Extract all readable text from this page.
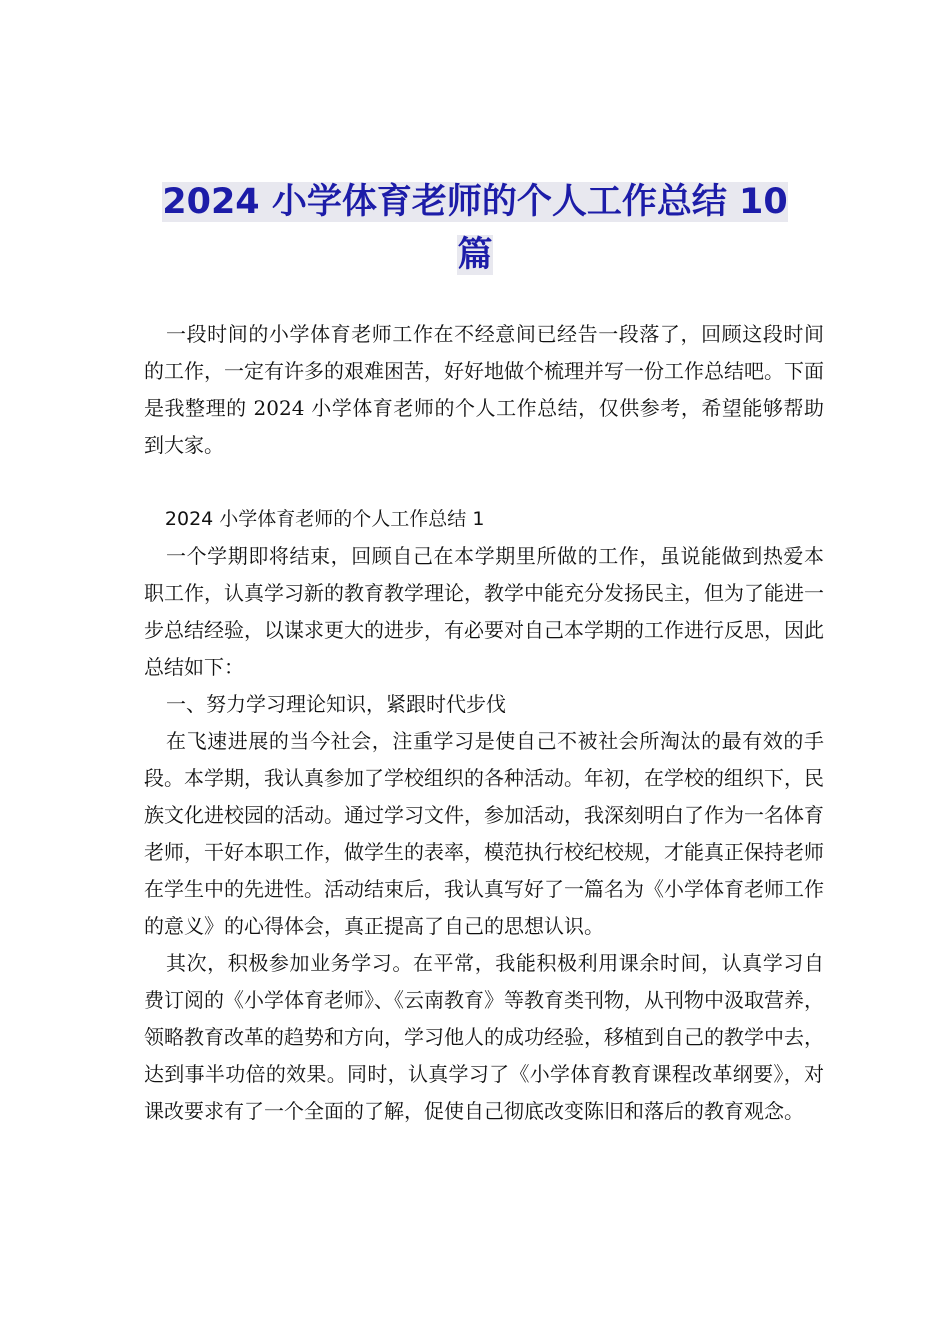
2024 小学体育老师的个人工作总结 10
篇

一段时间的小学体育老师工作在不经意间已经告一段落了，回顾这段时间的工作，一定有许多的艰难困苦，好好地做个梳理并写一份工作总结吧。下面是我整理的 2024 小学体育老师的个人工作总结，仅供参考，希望能够帮助到大家。

2024 小学体育老师的个人工作总结 1

一个学期即将结束，回顾自己在本学期里所做的工作，虽说能做到热爱本职工作，认真学习新的教育教学理论，教学中能充分发扬民主，但为了能进一步总结经验，以谋求更大的进步，有必要对自己本学期的工作进行反思，因此总结如下：

一、努力学习理论知识，紧跟时代步伐

在飞速进展的当今社会，注重学习是使自己不被社会所淘汰的最有效的手段。本学期，我认真参加了学校组织的各种活动。年初，在学校的组织下，民族文化进校园的活动。通过学习文件，参加活动，我深刻明白了作为一名体育老师，干好本职工作，做学生的表率，模范执行校纪校规，才能真正保持老师在学生中的先进性。活动结束后，我认真写好了一篇名为《小学体育老师工作的意义》的心得体会，真正提高了自己的思想认识。

其次，积极参加业务学习。在平常，我能积极利用课余时间，认真学习自费订阅的《小学体育老师》、《云南教育》等教育类刊物，从刊物中汲取营养，领略教育改革的趋势和方向，学习他人的成功经验，移植到自己的教学中去，达到事半功倍的效果。同时，认真学习了《小学体育教育课程改革纲要》，对课改要求有了一个全面的了解，促使自己彻底改变陈旧和落后的教育观念。
